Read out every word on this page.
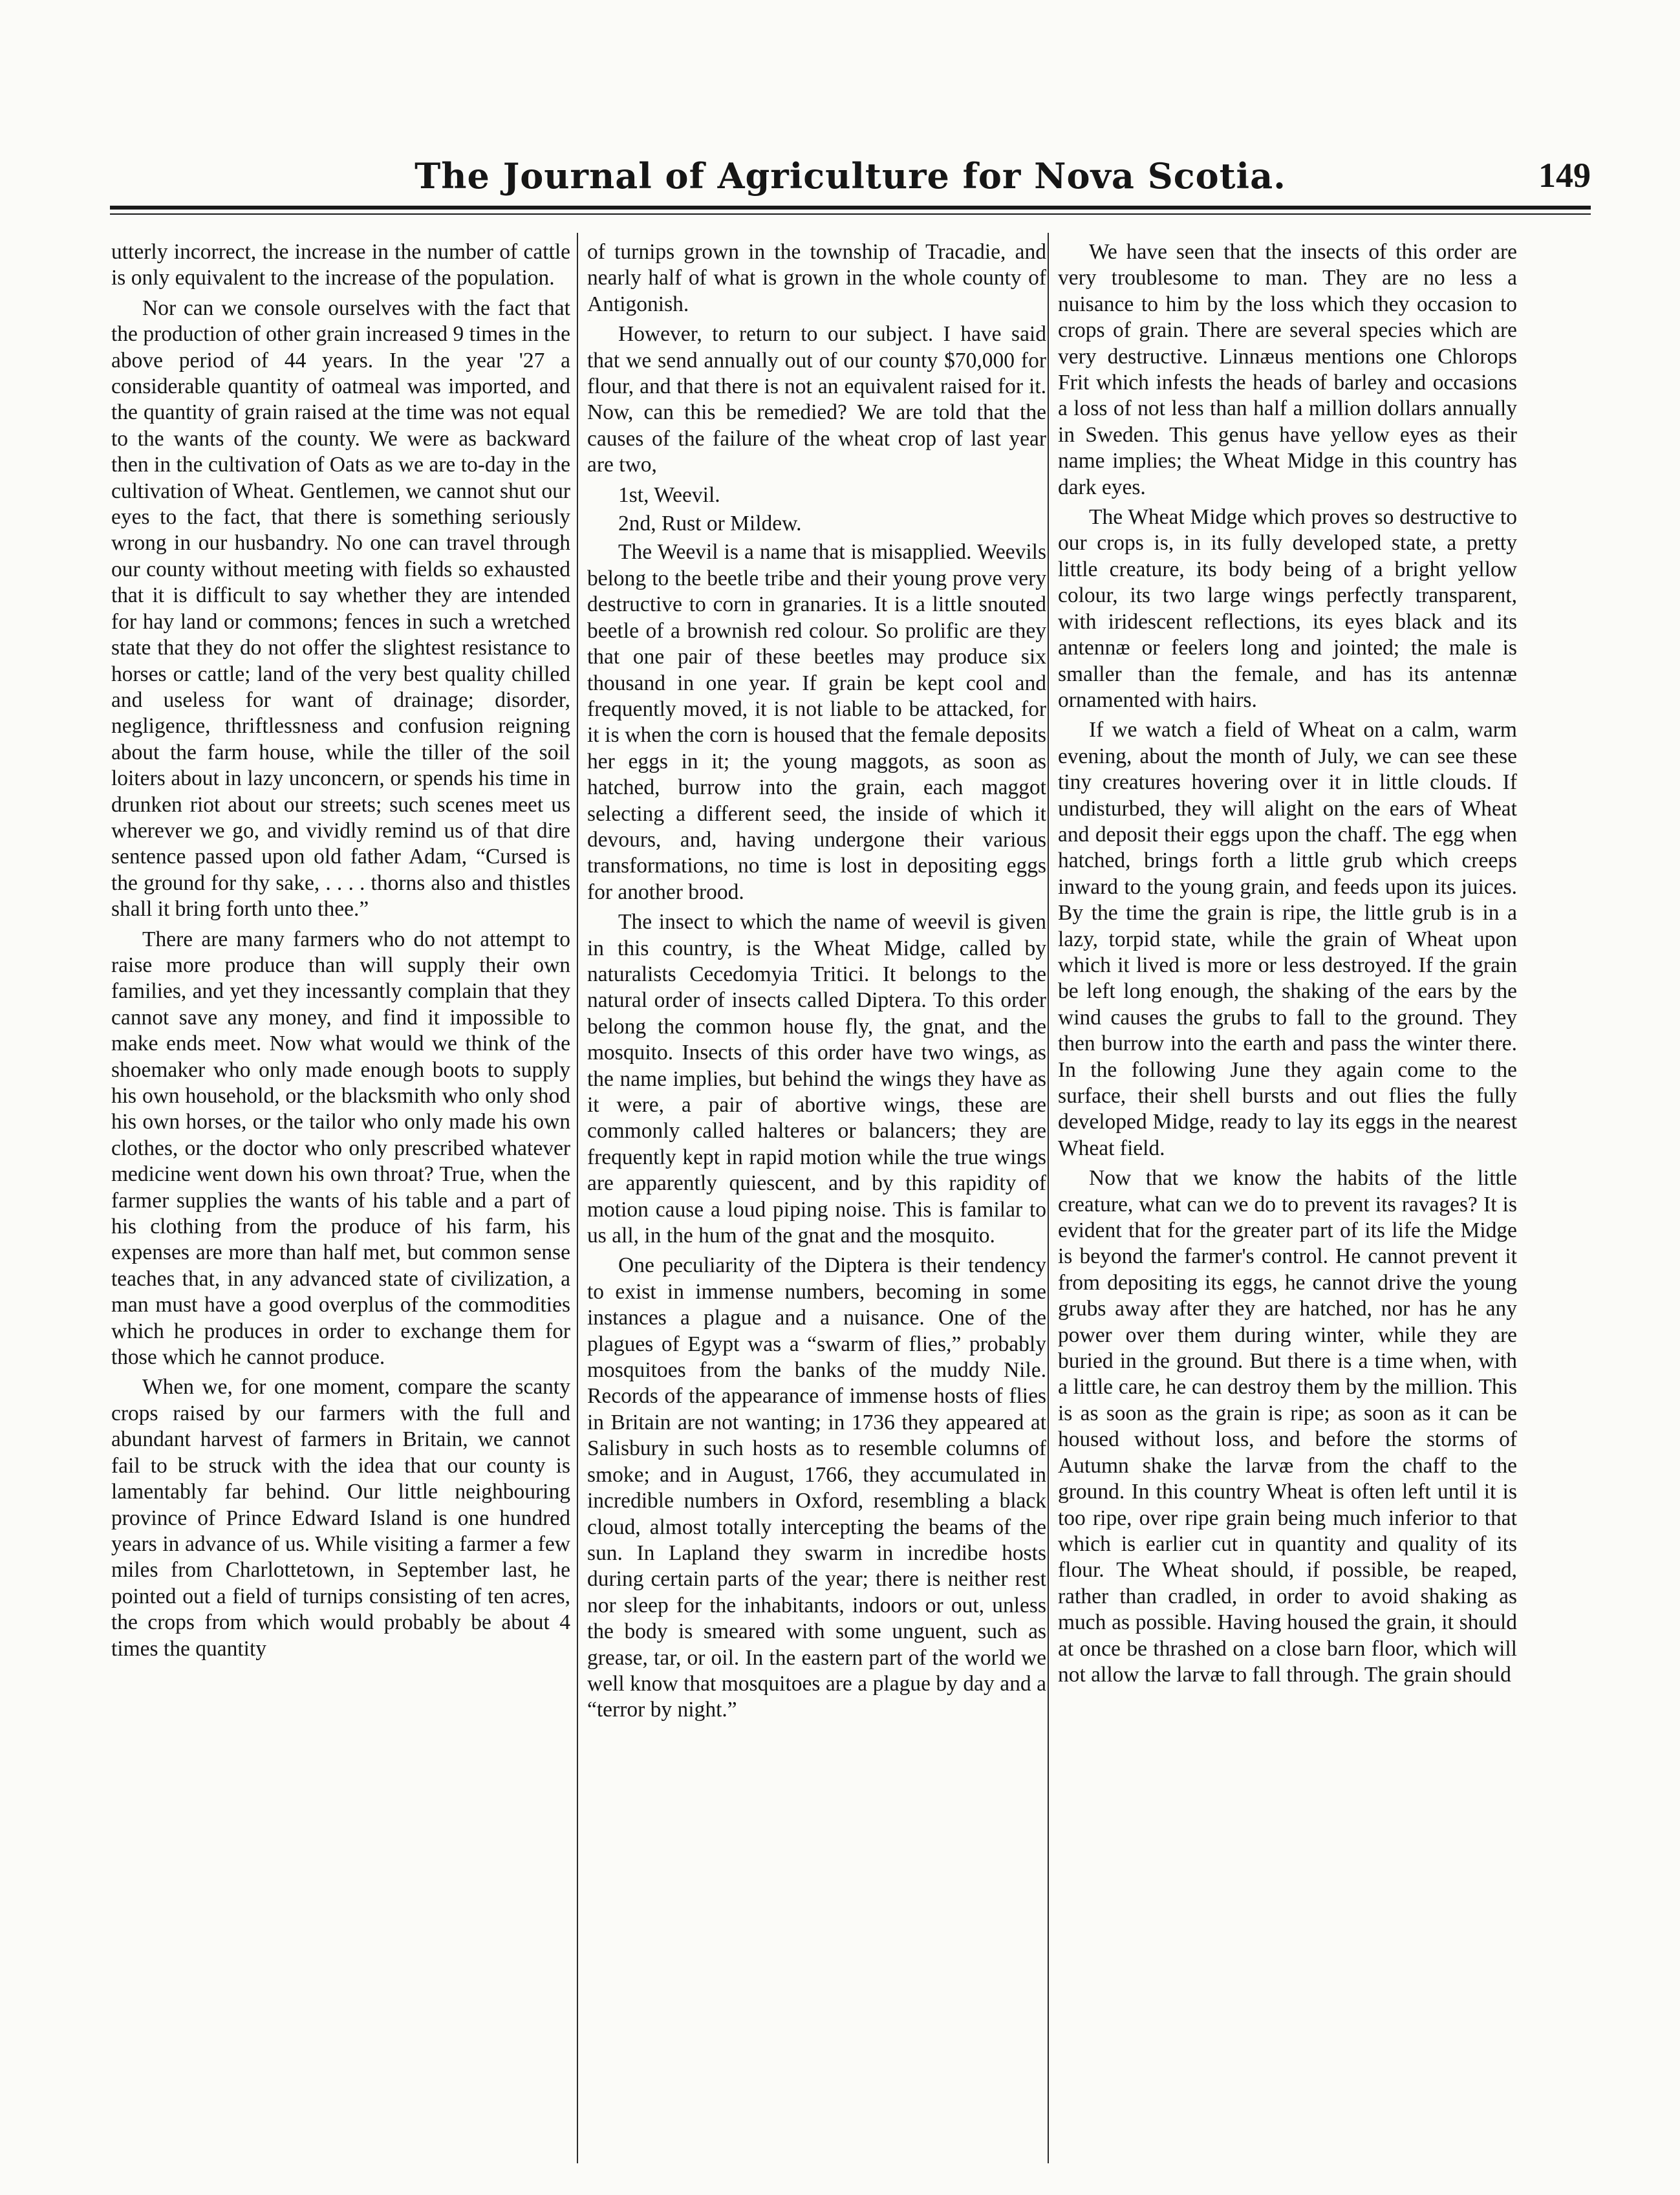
The Journal of Agriculture for Nova Scotia.	149

utterly incorrect, the increase in the number of cattle is only equivalent to the increase of the population.

Nor can we console ourselves with the fact that the production of other grain increased 9 times in the above period of 44 years. In the year '27 a considerable quantity of oatmeal was imported, and the quantity of grain raised at the time was not equal to the wants of the county. We were as backward then in the cultivation of Oats as we are to-day in the cultivation of Wheat. Gentlemen, we cannot shut our eyes to the fact, that there is something seriously wrong in our husbandry. No one can travel through our county without meeting with fields so exhausted that it is difficult to say whether they are intended for hay land or commons; fences in such a wretched state that they do not offer the slightest resistance to horses or cattle; land of the very best quality chilled and useless for want of drainage; disorder, negligence, thriftlessness and confusion reigning about the farm house, while the tiller of the soil loiters about in lazy unconcern, or spends his time in drunken riot about our streets; such scenes meet us wherever we go, and vividly remind us of that dire sentence passed upon old father Adam, “Cursed is the ground for thy sake, . . . . thorns also and thistles shall it bring forth unto thee.”

There are many farmers who do not attempt to raise more produce than will supply their own families, and yet they incessantly complain that they cannot save any money, and find it impossible to make ends meet. Now what would we think of the shoemaker who only made enough boots to supply his own household, or the blacksmith who only shod his own horses, or the tailor who only made his own clothes, or the doctor who only prescribed whatever medicine went down his own throat? True, when the farmer supplies the wants of his table and a part of his clothing from the produce of his farm, his expenses are more than half met, but common sense teaches that, in any advanced state of civilization, a man must have a good overplus of the commodities which he produces in order to exchange them for those which he cannot produce.

When we, for one moment, compare the scanty crops raised by our farmers with the full and abundant harvest of farmers in Britain, we cannot fail to be struck with the idea that our county is lamentably far behind. Our little neighbouring province of Prince Edward Island is one hundred years in advance of us. While visiting a farmer a few miles from Charlottetown, in September last, he pointed out a field of turnips consisting of ten acres, the crops from which would probably be about 4 times the quantity

of turnips grown in the township of Tracadie, and nearly half of what is grown in the whole county of Antigonish.

However, to return to our subject. I have said that we send annually out of our county $70,000 for flour, and that there is not an equivalent raised for it. Now, can this be remedied? We are told that the causes of the failure of the wheat crop of last year are two,

1st, Weevil.

2nd, Rust or Mildew.

The Weevil is a name that is misapplied. Weevils belong to the beetle tribe and their young prove very destructive to corn in granaries. It is a little snouted beetle of a brownish red colour. So prolific are they that one pair of these beetles may produce six thousand in one year. If grain be kept cool and frequently moved, it is not liable to be attacked, for it is when the corn is housed that the female deposits her eggs in it; the young maggots, as soon as hatched, burrow into the grain, each maggot selecting a different seed, the inside of which it devours, and, having undergone their various transformations, no time is lost in depositing eggs for another brood.

The insect to which the name of weevil is given in this country, is the Wheat Midge, called by naturalists Cecedomyia Tritici. It belongs to the natural order of insects called Diptera. To this order belong the common house fly, the gnat, and the mosquito. Insects of this order have two wings, as the name implies, but behind the wings they have as it were, a pair of abortive wings, these are commonly called halteres or balancers; they are frequently kept in rapid motion while the true wings are apparently quiescent, and by this rapidity of motion cause a loud piping noise. This is familar to us all, in the hum of the gnat and the mosquito.

One peculiarity of the Diptera is their tendency to exist in immense numbers, becoming in some instances a plague and a nuisance. One of the plagues of Egypt was a “swarm of flies,” probably mosquitoes from the banks of the muddy Nile. Records of the appearance of immense hosts of flies in Britain are not wanting; in 1736 they appeared at Salisbury in such hosts as to resemble columns of smoke; and in August, 1766, they accumulated in incredible numbers in Oxford, resembling a black cloud, almost totally intercepting the beams of the sun. In Lapland they swarm in incredibe hosts during certain parts of the year; there is neither rest nor sleep for the inhabitants, indoors or out, unless the body is smeared with some unguent, such as grease, tar, or oil. In the eastern part of the world we well know that mosquitoes are a plague by day and a “terror by night.”

We have seen that the insects of this order are very troublesome to man. They are no less a nuisance to him by the loss which they occasion to crops of grain. There are several species which are very destructive. Linnæus mentions one Chlorops Frit which infests the heads of barley and occasions a loss of not less than half a million dollars annually in Sweden. This genus have yellow eyes as their name implies; the Wheat Midge in this country has dark eyes.

The Wheat Midge which proves so destructive to our crops is, in its fully developed state, a pretty little creature, its body being of a bright yellow colour, its two large wings perfectly transparent, with iridescent reflections, its eyes black and its antennæ or feelers long and jointed; the male is smaller than the female, and has its antennæ ornamented with hairs.

If we watch a field of Wheat on a calm, warm evening, about the month of July, we can see these tiny creatures hovering over it in little clouds. If undisturbed, they will alight on the ears of Wheat and deposit their eggs upon the chaff. The egg when hatched, brings forth a little grub which creeps inward to the young grain, and feeds upon its juices. By the time the grain is ripe, the little grub is in a lazy, torpid state, while the grain of Wheat upon which it lived is more or less destroyed. If the grain be left long enough, the shaking of the ears by the wind causes the grubs to fall to the ground. They then burrow into the earth and pass the winter there. In the following June they again come to the surface, their shell bursts and out flies the fully developed Midge, ready to lay its eggs in the nearest Wheat field.

Now that we know the habits of the little creature, what can we do to prevent its ravages? It is evident that for the greater part of its life the Midge is beyond the farmer's control. He cannot prevent it from depositing its eggs, he cannot drive the young grubs away after they are hatched, nor has he any power over them during winter, while they are buried in the ground. But there is a time when, with a little care, he can destroy them by the million. This is as soon as the grain is ripe; as soon as it can be housed without loss, and before the storms of Autumn shake the larvæ from the chaff to the ground. In this country Wheat is often left until it is too ripe, over ripe grain being much inferior to that which is earlier cut in quantity and quality of its flour. The Wheat should, if possible, be reaped, rather than cradled, in order to avoid shaking as much as possible. Having housed the grain, it should at once be thrashed on a close barn floor, which will not allow the larvæ to fall through. The grain should
